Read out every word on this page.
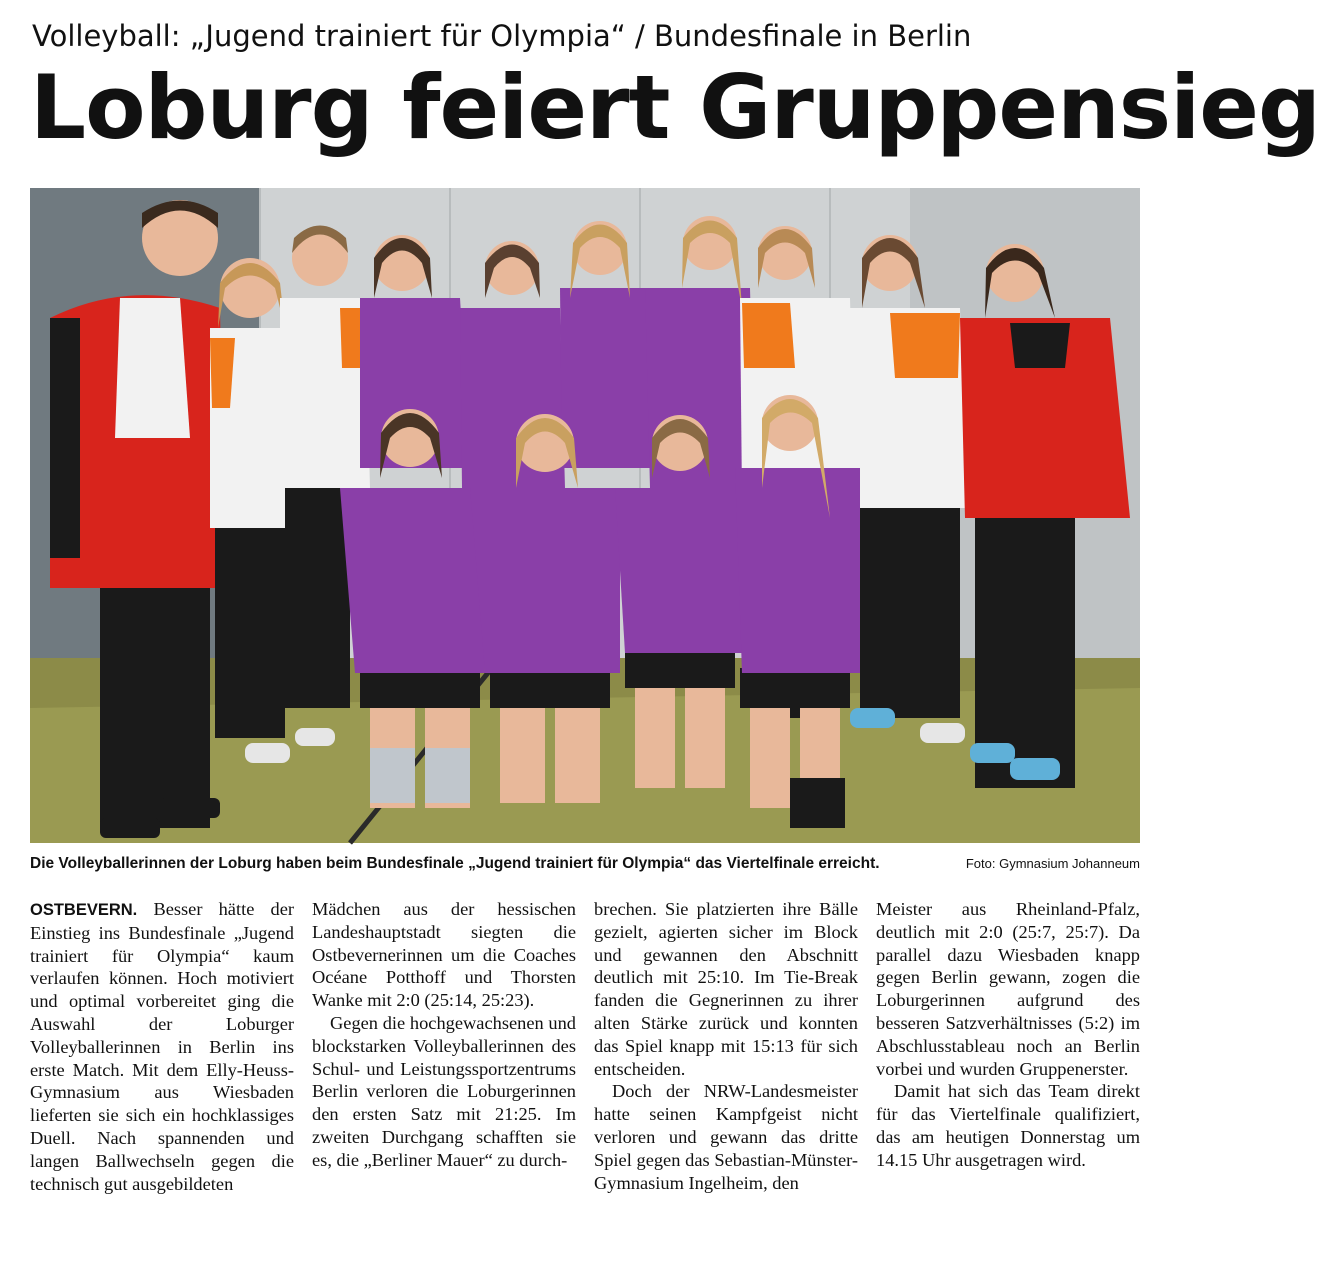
Volleyball: „Jugend trainiert für Olympia“ / Bundesfinale in Berlin
Loburg feiert Gruppensieg
Die Volleyballerinnen der Loburg haben beim Bundesfinale „Jugend trainiert für Olympia“ das Viertelfinale erreicht.	Foto: Gymnasium Johanneum

OSTBEVERN. Besser hätte der Einstieg ins Bundesfinale „Jugend trainiert für Olympia“ kaum verlaufen können. Hoch motiviert und optimal vorbereitet ging die Auswahl der Loburger Volleyballerinnen in Berlin ins erste Match. Mit dem Elly-Heuss-Gymnasium aus Wiesbaden lieferten sie sich ein hochklassiges Duell. Nach spannenden und langen Ballwechseln gegen die technisch gut ausgebildeten

Mädchen aus der hessischen Landeshauptstadt siegten die Ostbevernerinnen um die Coaches Océane Potthoff und Thorsten Wanke mit 2:0 (25:14, 25:23).

Gegen die hochgewachsenen und blockstarken Volleyballerinnen des Schul- und Leistungssportzentrums Berlin verloren die Loburgerinnen den ersten Satz mit 21:25. Im zweiten Durchgang schafften sie es, die „Berliner Mauer“ zu durch-

brechen. Sie platzierten ihre Bälle gezielt, agierten sicher im Block und gewannen den Abschnitt deutlich mit 25:10. Im Tie-Break fanden die Gegnerinnen zu ihrer alten Stärke zurück und konnten das Spiel knapp mit 15:13 für sich entscheiden.

Doch der NRW-Landesmeister hatte seinen Kampfgeist nicht verloren und gewann das dritte Spiel gegen das Sebastian-Münster-Gymnasium Ingelheim, den

Meister aus Rheinland-Pfalz, deutlich mit 2:0 (25:7, 25:7). Da parallel dazu Wiesbaden knapp gegen Berlin gewann, zogen die Loburgerinnen aufgrund des besseren Satzverhältnisses (5:2) im Abschlusstableau noch an Berlin vorbei und wurden Gruppenerster.

Damit hat sich das Team direkt für das Viertelfinale qualifiziert, das am heutigen Donnerstag um 14.15 Uhr ausgetragen wird.
